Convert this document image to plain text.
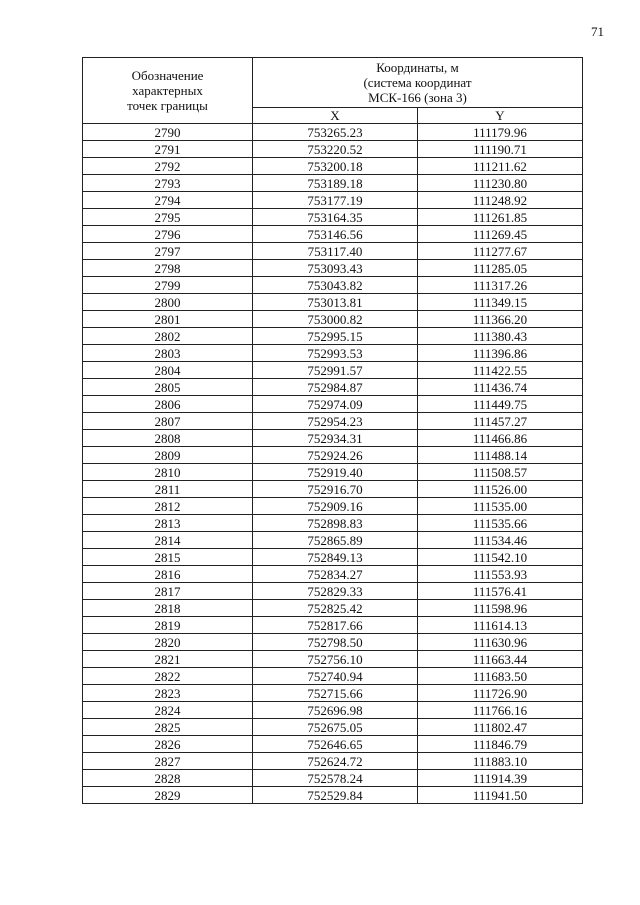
71
Обозначение
характерных
точек границы	Координаты, м
(система координат
МСК-166 (зона 3)	

	X	Y
2790	753265.23	111179.96
2791	753220.52	111190.71
2792	753200.18	111211.62
2793	753189.18	111230.80
2794	753177.19	111248.92
2795	753164.35	111261.85
2796	753146.56	111269.45
2797	753117.40	111277.67
2798	753093.43	111285.05
2799	753043.82	111317.26
2800	753013.81	111349.15
2801	753000.82	111366.20
2802	752995.15	111380.43
2803	752993.53	111396.86
2804	752991.57	111422.55
2805	752984.87	111436.74
2806	752974.09	111449.75
2807	752954.23	111457.27
2808	752934.31	111466.86
2809	752924.26	111488.14
2810	752919.40	111508.57
2811	752916.70	111526.00
2812	752909.16	111535.00
2813	752898.83	111535.66
2814	752865.89	111534.46
2815	752849.13	111542.10
2816	752834.27	111553.93
2817	752829.33	111576.41
2818	752825.42	111598.96
2819	752817.66	111614.13
2820	752798.50	111630.96
2821	752756.10	111663.44
2822	752740.94	111683.50
2823	752715.66	111726.90
2824	752696.98	111766.16
2825	752675.05	111802.47
2826	752646.65	111846.79
2827	752624.72	111883.10
2828	752578.24	111914.39
2829	752529.84	111941.50
